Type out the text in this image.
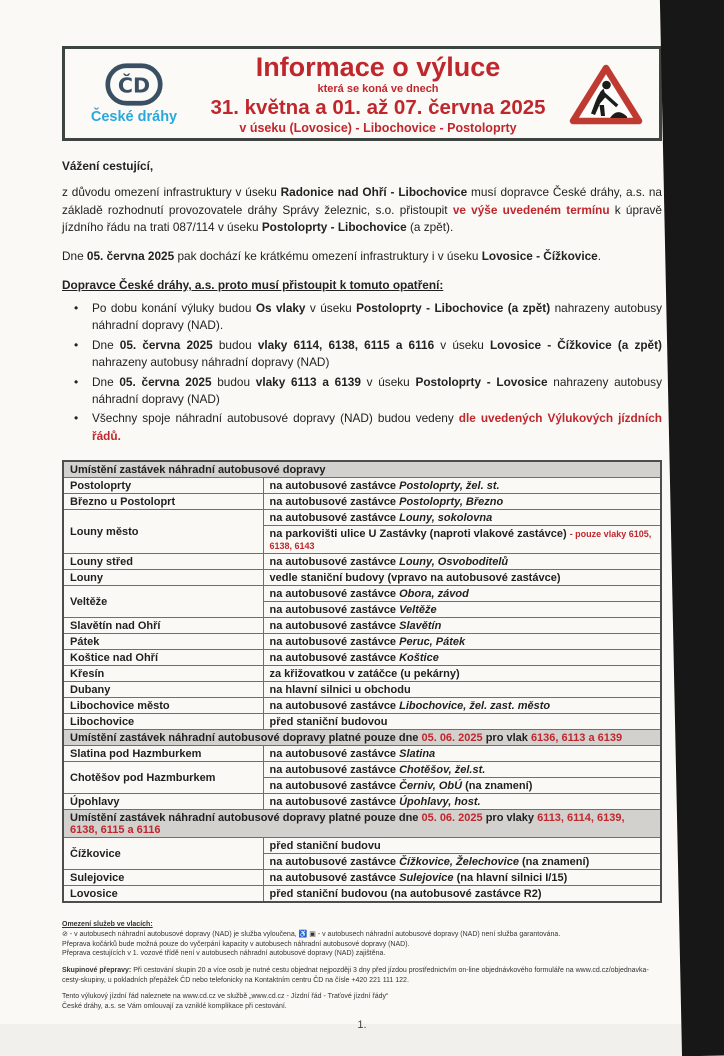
ČD
České dráhy
Informace o výluce
která se koná ve dnech
31. května a 01. až 07. června 2025
v úseku (Lovosice) - Libochovice - Postoloprty
Vážení cestující,
z důvodu omezení infrastruktury v úseku Radonice nad Ohří - Libochovice musí dopravce České dráhy, a.s. na základě rozhodnutí provozovatele dráhy Správy železnic, s.o. přistoupit ve výše uvedeném termínu k úpravě jízdního řádu na trati 087/114 v úseku Postoloprty - Libochovice (a zpět).
Dne 05. června 2025 pak dochází ke krátkému omezení infrastruktury i v úseku Lovosice - Čížkovice.
Dopravce České dráhy, a.s. proto musí přistoupit k tomuto opatření:
• Po dobu konání výluky budou Os vlaky v úseku Postoloprty - Libochovice (a zpět) nahrazeny autobusy náhradní dopravy (NAD).
• Dne 05. června 2025 budou vlaky 6114, 6138, 6115 a 6116 v úseku Lovosice - Čížkovice (a zpět) nahrazeny autobusy náhradní dopravy (NAD)
• Dne 05. června 2025 budou vlaky 6113 a 6139 v úseku Postoloprty - Lovosice nahrazeny autobusy náhradní dopravy (NAD)
• Všechny spoje náhradní autobusové dopravy (NAD) budou vedeny dle uvedených Výlukových jízdních řádů.
Umístění zastávek náhradní autobusové dopravy	
Postoloprty	na autobusové zastávce Postoloprty, žel. st.
Březno u Postoloprt	na autobusové zastávce Postoloprty, Březno
Louny město	na autobusové zastávce Louny, sokolovna
	na parkovišti ulice U Zastávky (naproti vlakové zastávce) - pouze vlaky 6105, 6138, 6143
Louny střed	na autobusové zastávce Louny, Osvoboditelů
Louny	vedle staniční budovy (vpravo na autobusové zastávce)
Veltěže	na autobusové zastávce Obora, závod
	na autobusové zastávce Veltěže
Slavětín nad Ohří	na autobusové zastávce Slavětín
Pátek	na autobusové zastávce Peruc, Pátek
Koštice nad Ohří	na autobusové zastávce Koštice
Křesín	za křižovatkou v zatáčce (u pekárny)
Dubany	na hlavní silnici u obchodu
Libochovice město	na autobusové zastávce Libochovice, žel. zast. město
Libochovice	před staniční budovou
Umístění zastávek náhradní autobusové dopravy platné pouze dne 05. 06. 2025 pro vlak 6136, 6113 a 6139	
Slatina pod Hazmburkem	na autobusové zastávce Slatina
Chotěšov pod Hazmburkem	na autobusové zastávce Chotěšov, žel.st.
	na autobusové zastávce Černiv, ObÚ (na znamení)
Úpohlavy	na autobusové zastávce Úpohlavy, host.
Umístění zastávek náhradní autobusové dopravy platné pouze dne 05. 06. 2025 pro vlaky 6113, 6114, 6139, 6138, 6115 a 6116	
Čížkovice	před staniční budovu
	na autobusové zastávce Čížkovice, Želechovice (na znamení)
Sulejovice	na autobusové zastávce Sulejovice (na hlavní silnici I/15)
Lovosice	před staniční budovou (na autobusové zastávce R2)
Omezení služeb ve vlacích:
⊘ - v autobusech náhradní autobusové dopravy (NAD) je služba vyloučena, ♿ ▣ - v autobusech náhradní autobusové dopravy (NAD) není služba garantována.
Přeprava kočárků bude možná pouze do vyčerpání kapacity v autobusech náhradní autobusové dopravy (NAD).
Přeprava cestujících v 1. vozové třídě není v autobusech náhradní autobusové dopravy (NAD) zajištěna.
Skupinové přepravy: Při cestování skupin 20 a více osob je nutné cestu objednat nejpozději 3 dny před jízdou prostřednictvím on-line objednávkového formuláře na www.cd.cz/objednavka-cesty-skupiny, u pokladních přepážek ČD nebo telefonicky na Kontaktním centru ČD na čísle +420 221 111 122.
Tento výlukový jízdní řád naleznete na www.cd.cz ve službě „www.cd.cz - Jízdní řád - Traťové jízdní řády“
České dráhy, a.s. se Vám omlouvají za vzniklé komplikace při cestování.
1.
